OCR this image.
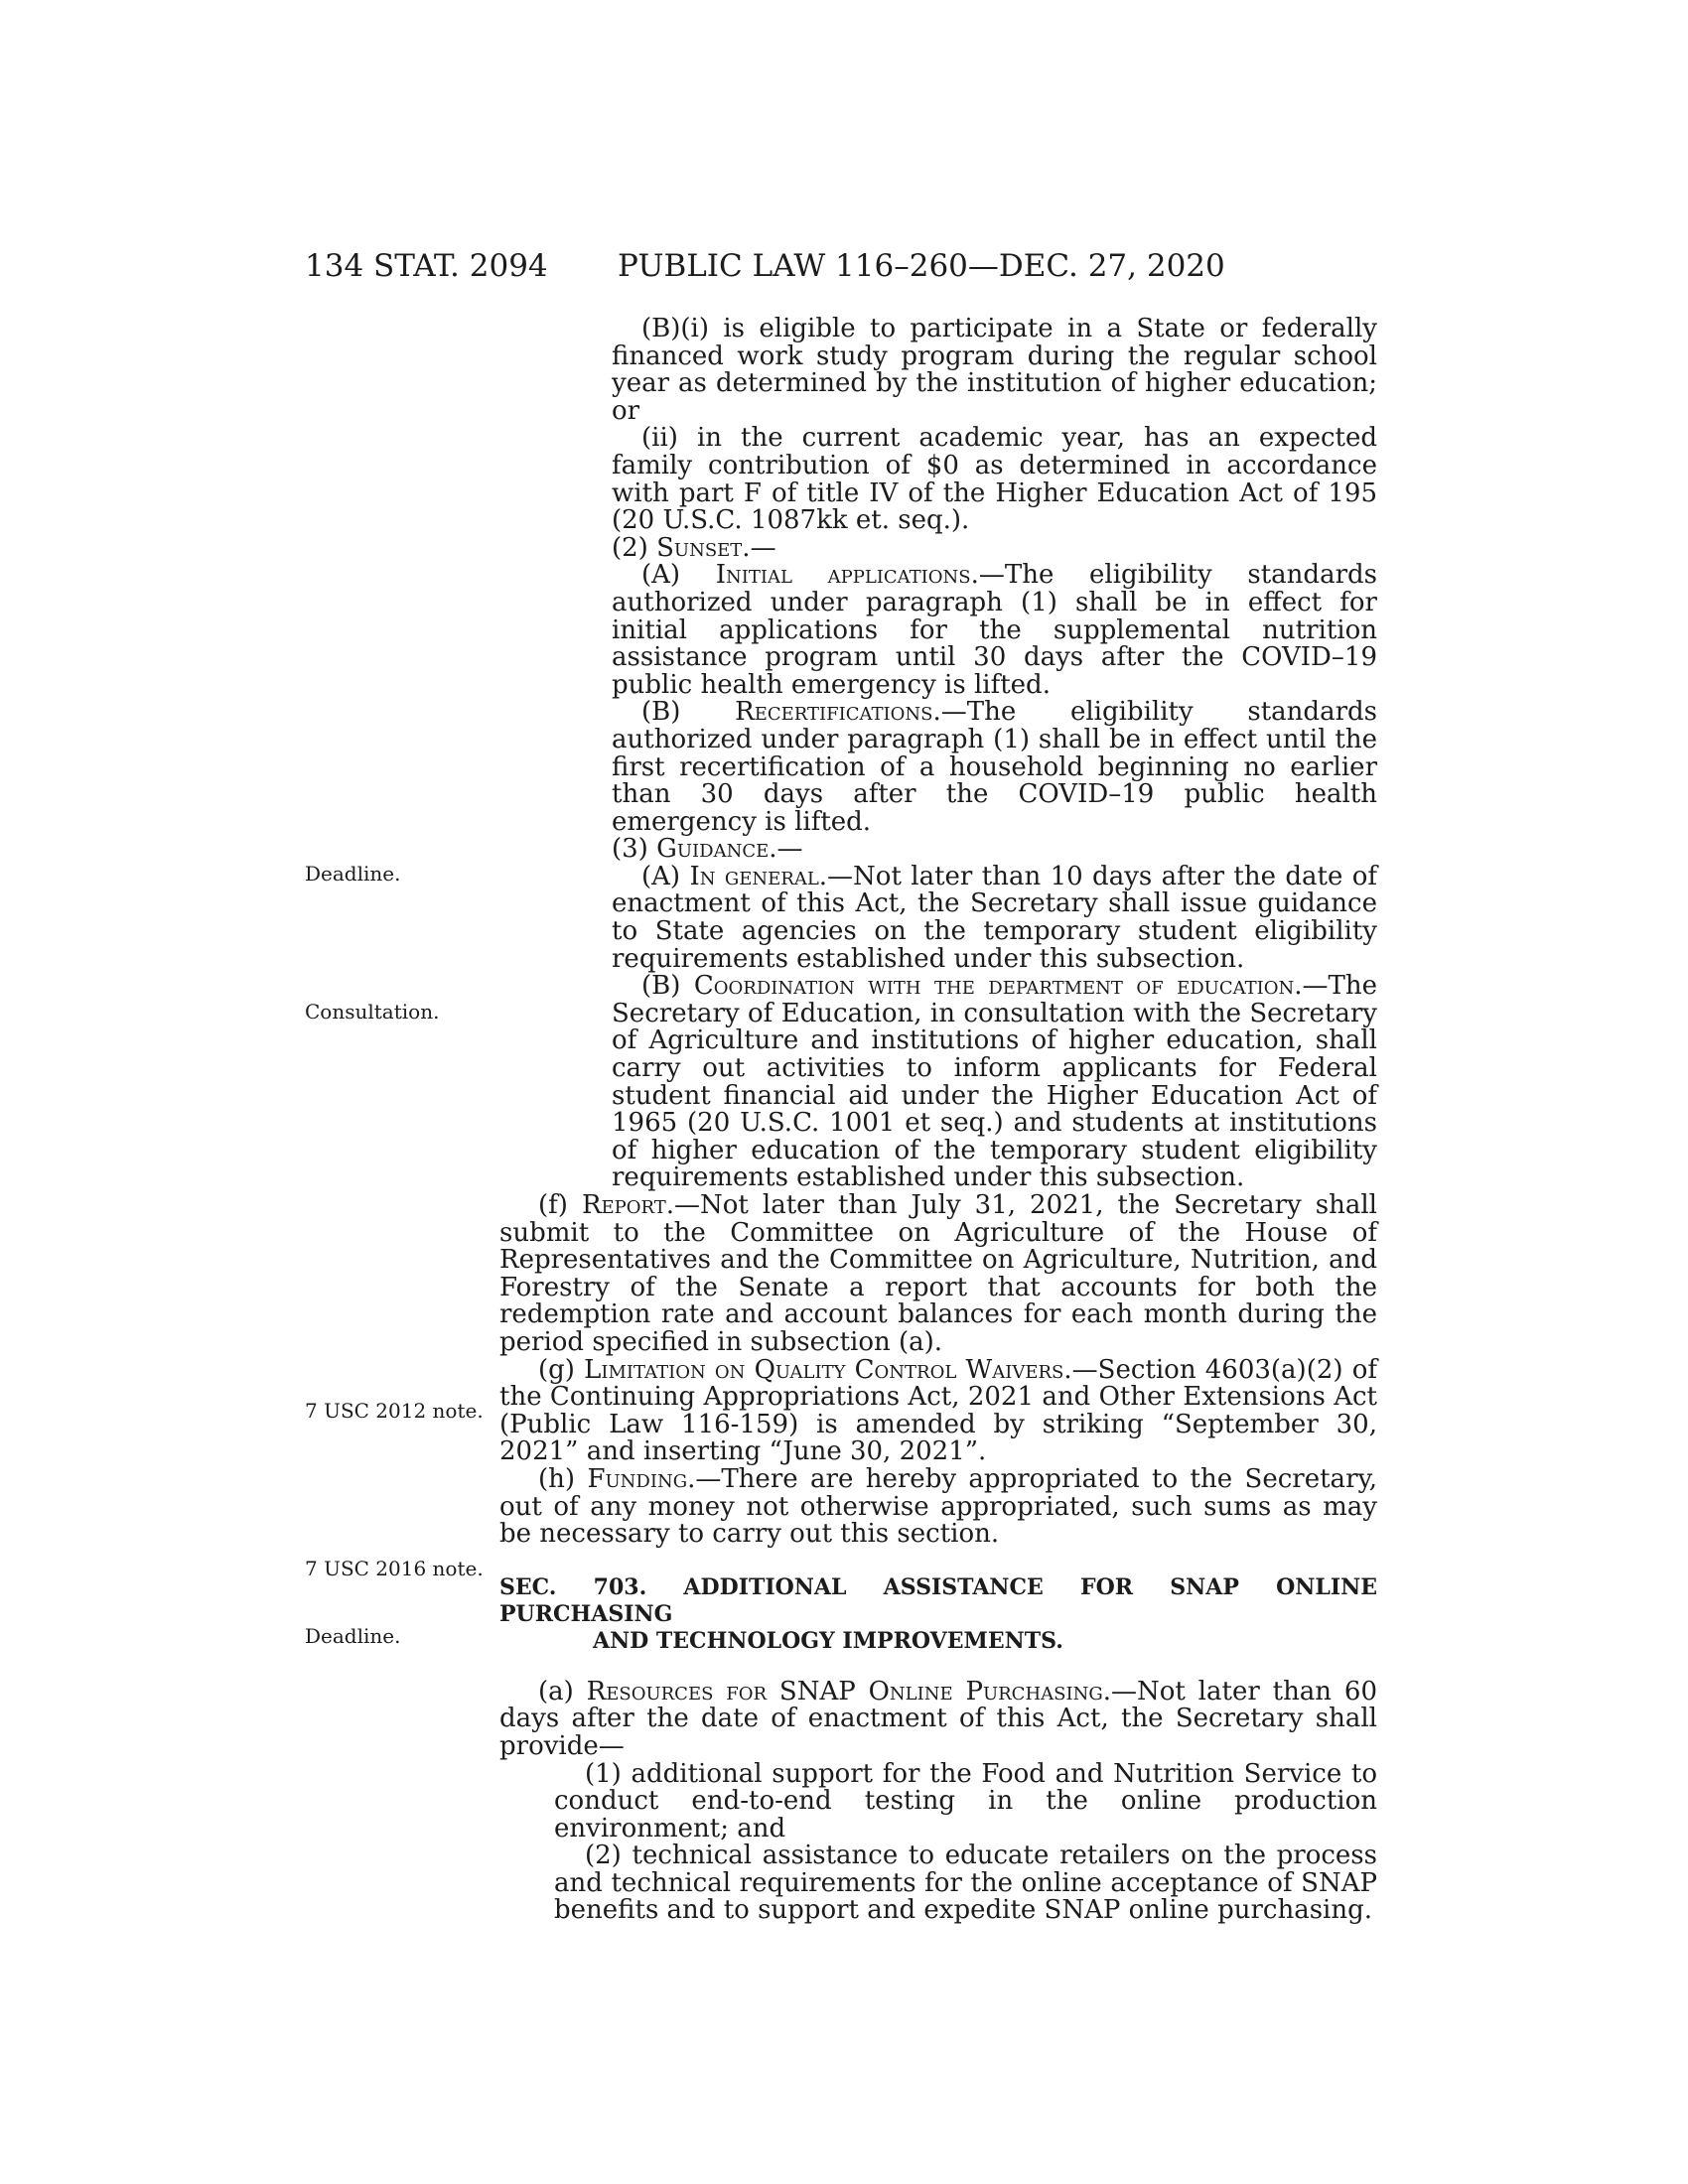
134 STAT. 2094 PUBLIC LAW 116–260—DEC. 27, 2020
Deadline.
Consultation.
7 USC 2012 note.
7 USC 2016 note.
Deadline.

(B)(i) is eligible to participate in a State or federally financed work study program during the regular school year as determined by the institution of higher education; or

(ii) in the current academic year, has an expected family contribution of $0 as determined in accordance with part F of title IV of the Higher Education Act of 195 (20 U.S.C. 1087kk et. seq.).

(2) Sunset.—

(A) Initial applications.—The eligibility standards authorized under paragraph (1) shall be in effect for initial applications for the supplemental nutrition assistance program until 30 days after the COVID–19 public health emergency is lifted.

(B) Recertifications.—The eligibility standards authorized under paragraph (1) shall be in effect until the first recertification of a household beginning no earlier than 30 days after the COVID–19 public health emergency is lifted.

(3) Guidance.—

(A) In general.—Not later than 10 days after the date of enactment of this Act, the Secretary shall issue guidance to State agencies on the temporary student eligibility requirements established under this subsection.

(B) Coordination with the department of education.—The Secretary of Education, in consultation with the Secretary of Agriculture and institutions of higher education, shall carry out activities to inform applicants for Federal student financial aid under the Higher Education Act of 1965 (20 U.S.C. 1001 et seq.) and students at institutions of higher education of the temporary student eligibility requirements established under this subsection.

(f) Report.—Not later than July 31, 2021, the Secretary shall submit to the Committee on Agriculture of the House of Representatives and the Committee on Agriculture, Nutrition, and Forestry of the Senate a report that accounts for both the redemption rate and account balances for each month during the period specified in subsection (a).

(g) Limitation on Quality Control Waivers.—Section 4603(a)(2) of the Continuing Appropriations Act, 2021 and Other Extensions Act (Public Law 116-159) is amended by striking “September 30, 2021” and inserting “June 30, 2021”.

(h) Funding.—There are hereby appropriated to the Secretary, out of any money not otherwise appropriated, such sums as may be necessary to carry out this section.

SEC. 703. ADDITIONAL ASSISTANCE FOR SNAP ONLINE PURCHASING
AND TECHNOLOGY IMPROVEMENTS.

(a) Resources for SNAP Online Purchasing.—Not later than 60 days after the date of enactment of this Act, the Secretary shall provide—

(1) additional support for the Food and Nutrition Service to conduct end-to-end testing in the online production environment; and

(2) technical assistance to educate retailers on the process and technical requirements for the online acceptance of SNAP benefits and to support and expedite SNAP online purchasing.
